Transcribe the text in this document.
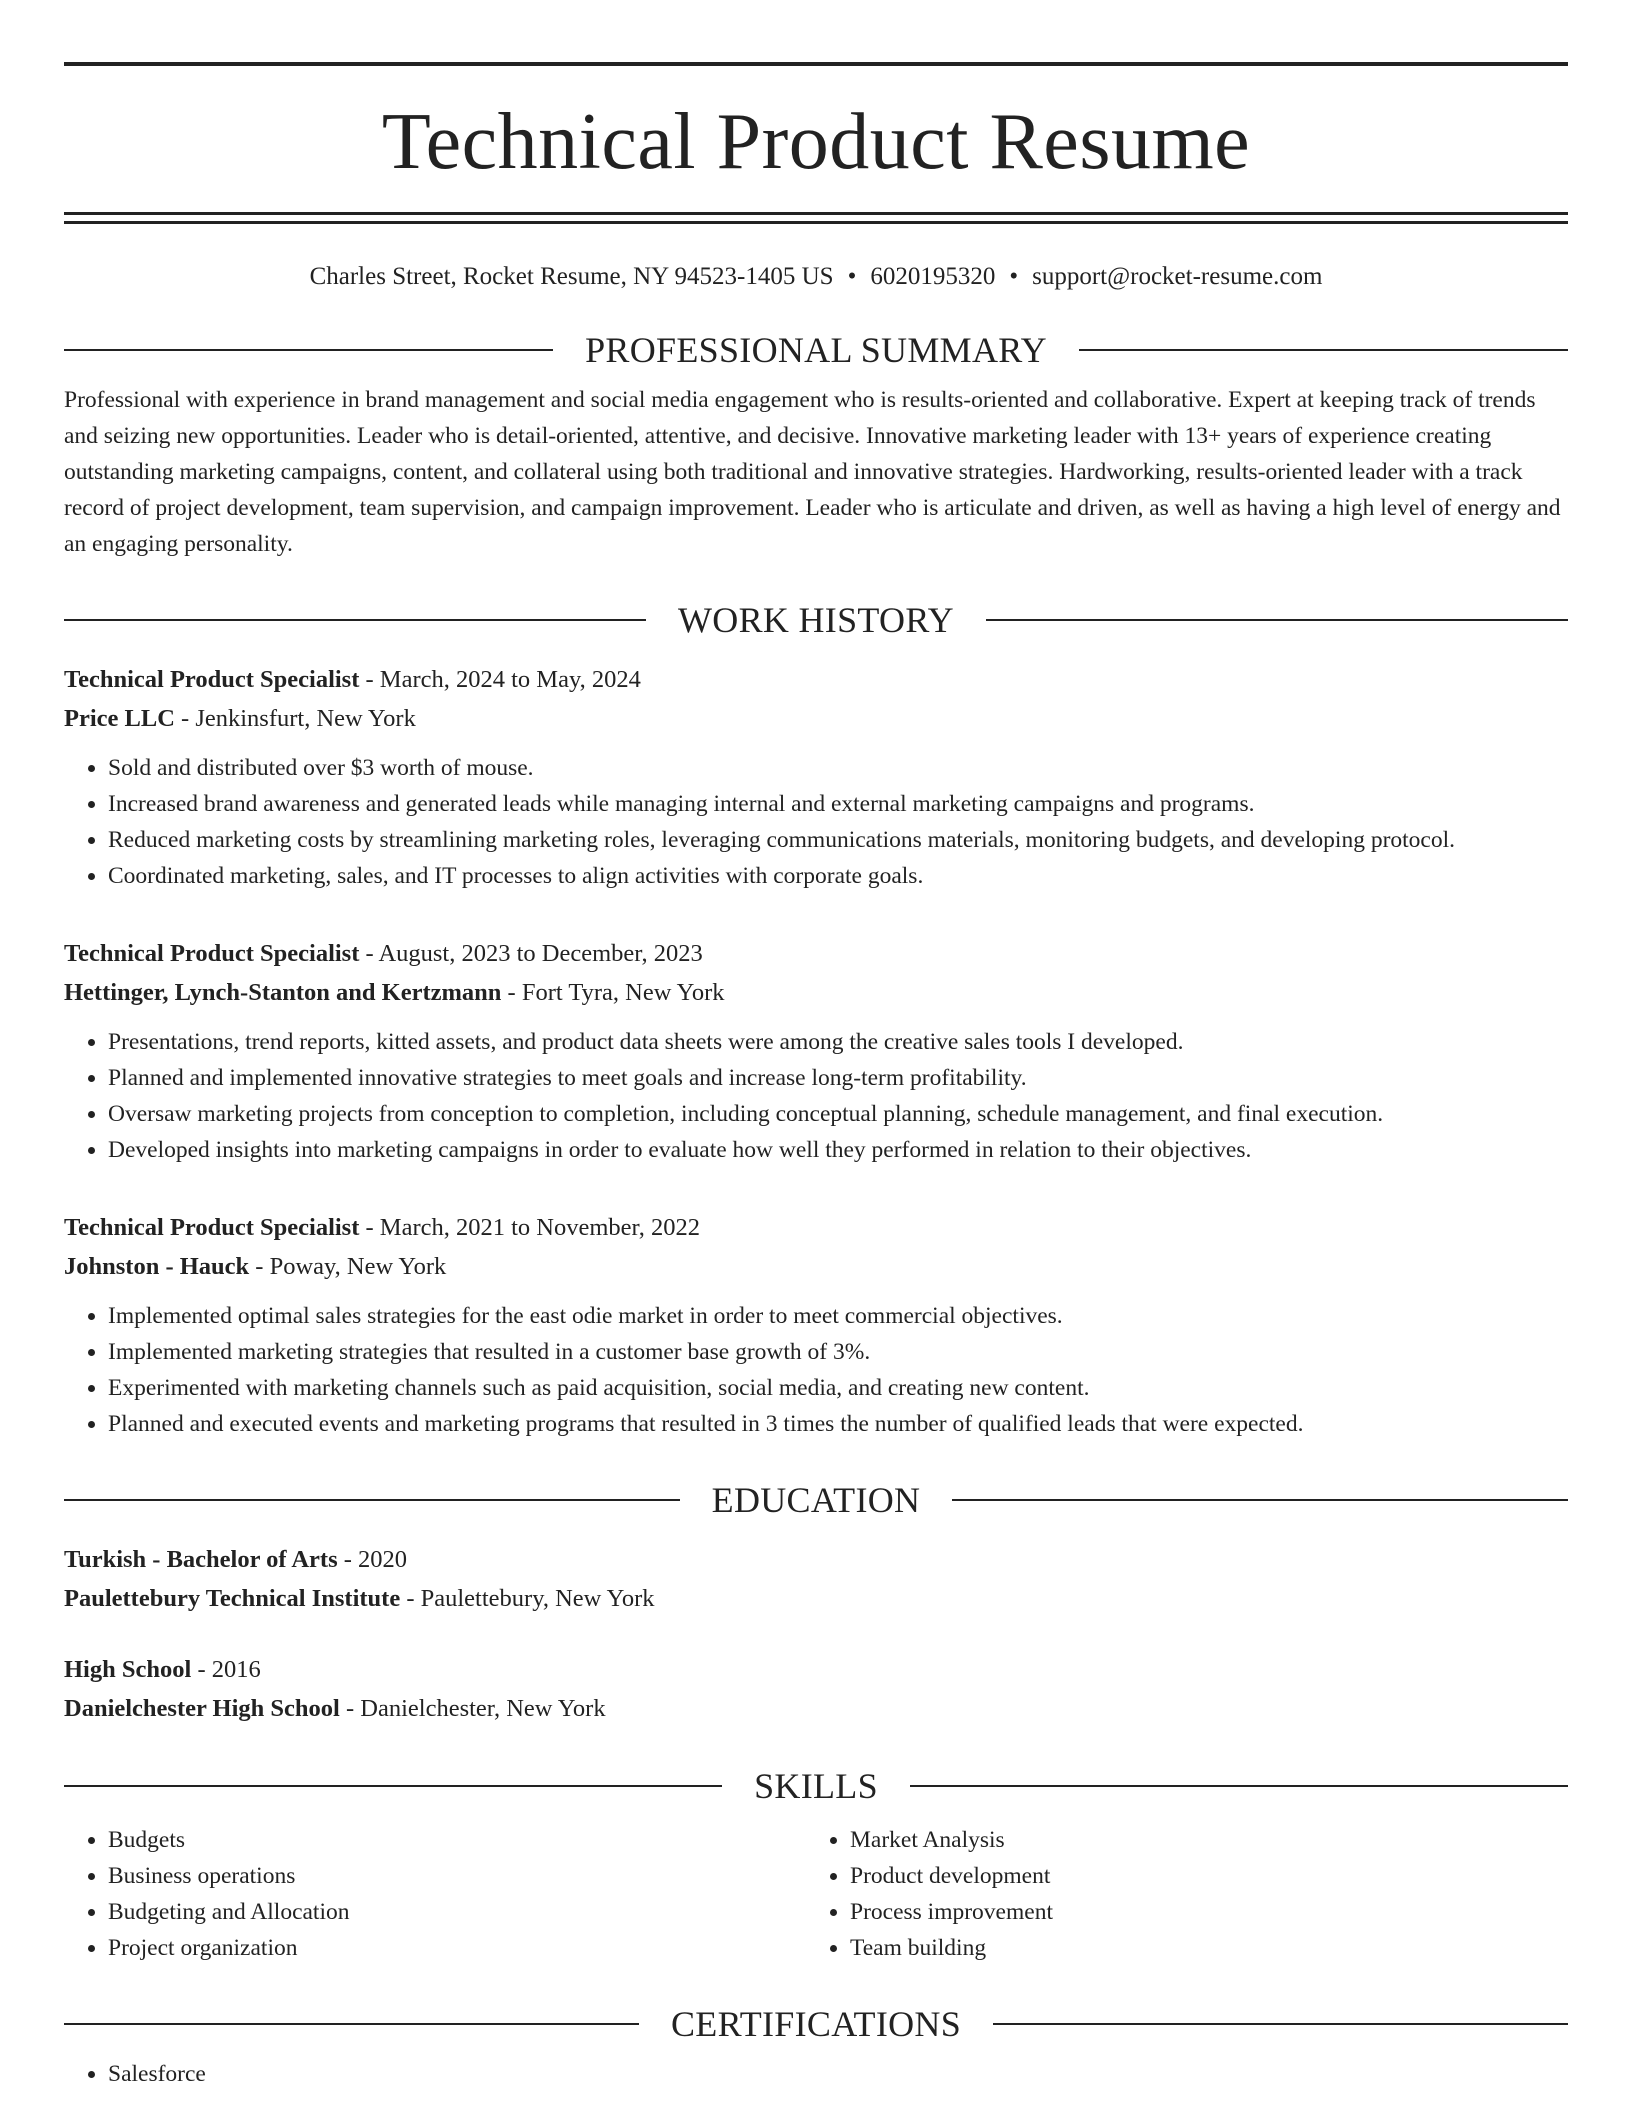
Technical Product Resume
Charles Street, Rocket Resume, NY 94523-1405 US • 6020195320 • support@rocket-resume.com
PROFESSIONAL SUMMARY

Professional with experience in brand management and social media engagement who is results-oriented and collaborative. Expert at keeping track of trends and seizing new opportunities. Leader who is detail-oriented, attentive, and decisive. Innovative marketing leader with 13+ years of experience creating outstanding marketing campaigns, content, and collateral using both traditional and innovative strategies. Hardworking, results-oriented leader with a track record of project development, team supervision, and campaign improvement. Leader who is articulate and driven, as well as having a high level of energy and an engaging personality.

WORK HISTORY
Technical Product Specialist - March, 2024 to May, 2024
Price LLC - Jenkinsfurt, New York
• Sold and distributed over $3 worth of mouse.
• Increased brand awareness and generated leads while managing internal and external marketing campaigns and programs.
• Reduced marketing costs by streamlining marketing roles, leveraging communications materials, monitoring budgets, and developing protocol.
• Coordinated marketing, sales, and IT processes to align activities with corporate goals.
Technical Product Specialist - August, 2023 to December, 2023
Hettinger, Lynch-Stanton and Kertzmann - Fort Tyra, New York
• Presentations, trend reports, kitted assets, and product data sheets were among the creative sales tools I developed.
• Planned and implemented innovative strategies to meet goals and increase long-term profitability.
• Oversaw marketing projects from conception to completion, including conceptual planning, schedule management, and final execution.
• Developed insights into marketing campaigns in order to evaluate how well they performed in relation to their objectives.
Technical Product Specialist - March, 2021 to November, 2022
Johnston - Hauck - Poway, New York
• Implemented optimal sales strategies for the east odie market in order to meet commercial objectives.
• Implemented marketing strategies that resulted in a customer base growth of 3%.
• Experimented with marketing channels such as paid acquisition, social media, and creating new content.
• Planned and executed events and marketing programs that resulted in 3 times the number of qualified leads that were expected.
EDUCATION
Turkish - Bachelor of Arts - 2020
Paulettebury Technical Institute - Paulettebury, New York
High School - 2016
Danielchester High School - Danielchester, New York
SKILLS
• Budgets
• Business operations
• Budgeting and Allocation
• Project organization
• Market Analysis
• Product development
• Process improvement
• Team building
CERTIFICATIONS
• Salesforce
